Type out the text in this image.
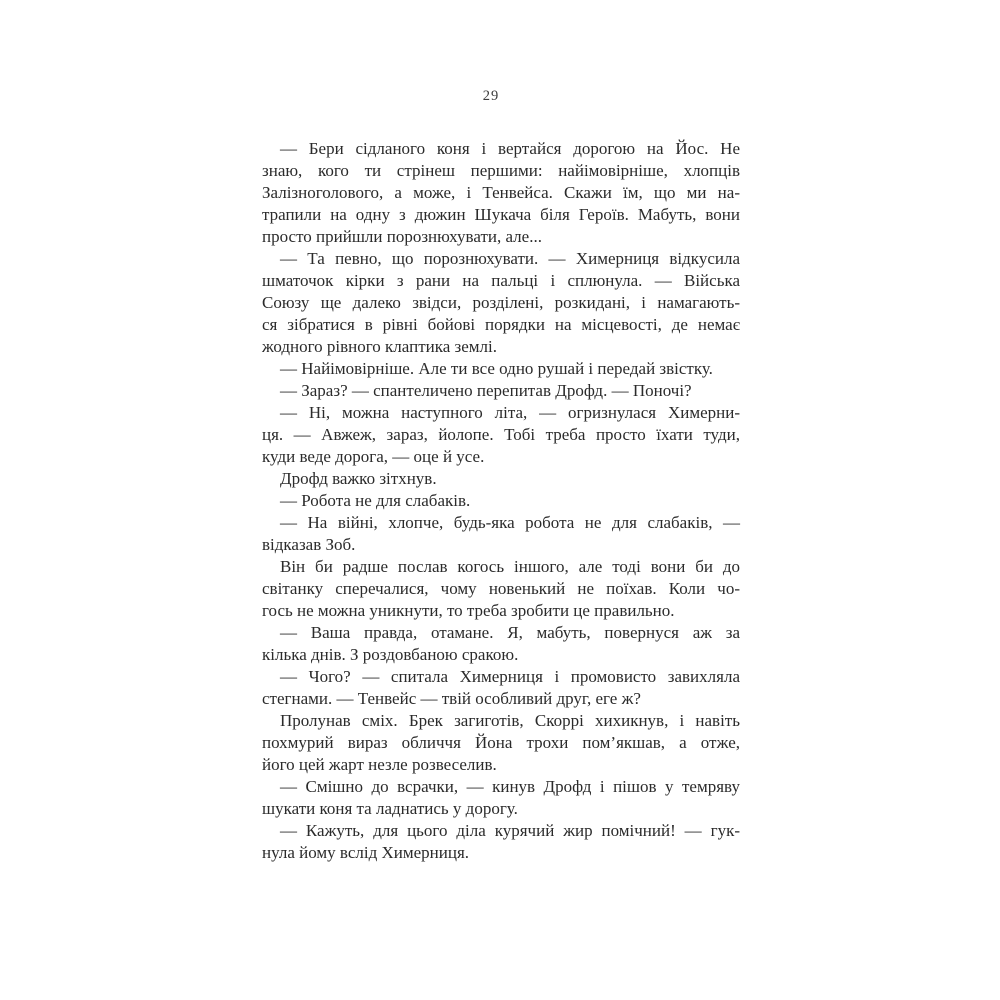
29
— Бери сідланого коня і вертайся дорогою на Йос. Не
знаю, кого ти стрінеш першими: найімовірніше, хлопців
Залізноголового, а може, і Тенвейса. Скажи їм, що ми на-
трапили на одну з дюжин Шукача біля Героїв. Мабуть, вони
просто прийшли порознюхувати, але...
— Та певно, що порознюхувати. — Химерниця відкусила
шматочок кірки з рани на пальці і сплюнула. — Війська
Союзу ще далеко звідси, розділені, розкидані, і намагають-
ся зібратися в рівні бойові порядки на місцевості, де немає
жодного рівного клаптика землі.
— Найімовірніше. Але ти все одно рушай і передай звістку.
— Зараз? — спантеличено перепитав Дрофд. — Поночі?
— Ні, можна наступного літа, — огризнулася Химерни-
ця. — Авжеж, зараз, йолопе. Тобі треба просто їхати туди,
куди веде дорога, — оце й усе.
Дрофд важко зітхнув.
— Робота не для слабаків.
— На війні, хлопче, будь-яка робота не для слабаків, —
відказав Зоб.
Він би радше послав когось іншого, але тоді вони би до
світанку сперечалися, чому новенький не поїхав. Коли чо-
гось не можна уникнути, то треба зробити це правильно.
— Ваша правда, отамане. Я, мабуть, повернуся аж за
кілька днів. З роздовбаною сракою.
— Чого? — спитала Химерниця і промовисто завихляла
стегнами. — Тенвейс — твій особливий друг, еге ж?
Пролунав сміх. Брек загиготів, Скоррі хихикнув, і навіть
похмурий вираз обличчя Йона трохи пом’якшав, а отже,
його цей жарт незле розвеселив.
— Смішно до всрачки, — кинув Дрофд і пішов у темряву
шукати коня та ладнатись у дорогу.
— Кажуть, для цього діла курячий жир помічний! — гук-
нула йому вслід Химерниця.
